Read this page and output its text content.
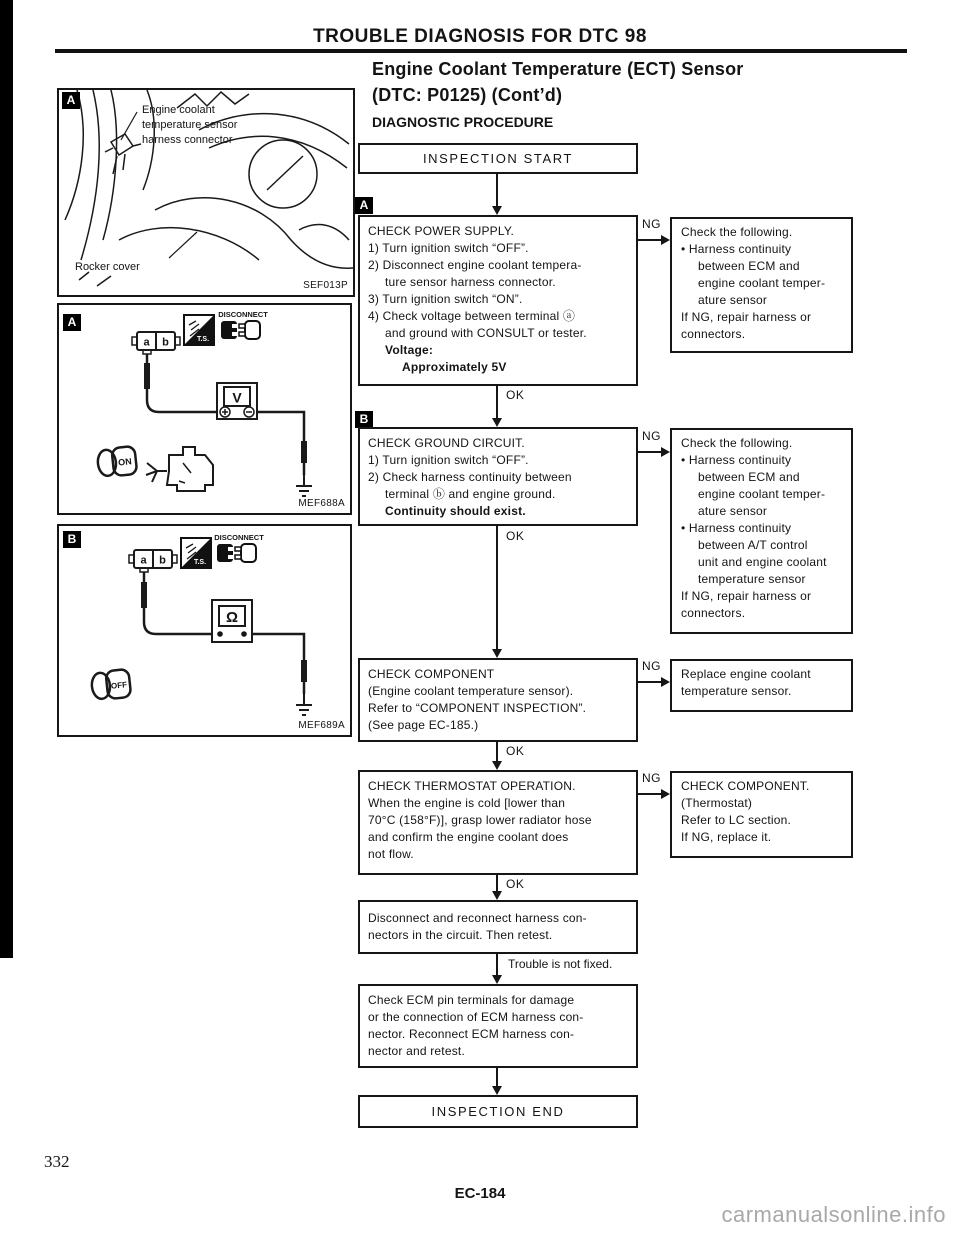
TROUBLE DIAGNOSIS FOR DTC 98
Engine Coolant Temperature (ECT) Sensor
(DTC: P0125) (Cont’d)
DIAGNOSTIC PROCEDURE
A
Engine coolant
temperature sensor
harness connector
Rocker cover
SEF013P
a b	T.S.
DISCONNECT
V
ON
A
MEF688A
a b	T.S.
DISCONNECT
Ω
OFF
B
MEF689A
INSPECTION START
A
CHECK POWER SUPPLY.
1) Turn ignition switch “OFF”.
2) Disconnect engine coolant tempera-
ture sensor harness connector.
3) Turn ignition switch “ON”.
4) Check voltage between terminal ⓐ
and ground with CONSULT or tester.
Voltage:
Approximately 5V
NG
Check the following.
• Harness continuity
between ECM and
engine coolant temper-
ature sensor
If NG, repair harness or
connectors.
OK
B
CHECK GROUND CIRCUIT.
1) Turn ignition switch “OFF”.
2) Check harness continuity between
terminal ⓑ and engine ground.
Continuity should exist.
NG Check the following.
• Harness continuity
between ECM and
engine coolant temper-
ature sensor
• Harness continuity
between A/T control
unit and engine coolant
temperature sensor
If NG, repair harness or
connectors.
OK
CHECK COMPONENT
(Engine coolant temperature sensor).
Refer to “COMPONENT INSPECTION”.
(See page EC-185.)
NG
Replace engine coolant
temperature sensor.
OK
CHECK THERMOSTAT OPERATION.
When the engine is cold [lower than
70°C (158°F)], grasp lower radiator hose
and confirm the engine coolant does
not flow.
NG
CHECK COMPONENT.
(Thermostat)
Refer to LC section.
If NG, replace it.
OK
Disconnect and reconnect harness con-
nectors in the circuit. Then retest.
Trouble is not fixed.
Check ECM pin terminals for damage
or the connection of ECM harness con-
nector. Reconnect ECM harness con-
nector and retest.
INSPECTION END
332
EC-184
carmanualsonline.info
